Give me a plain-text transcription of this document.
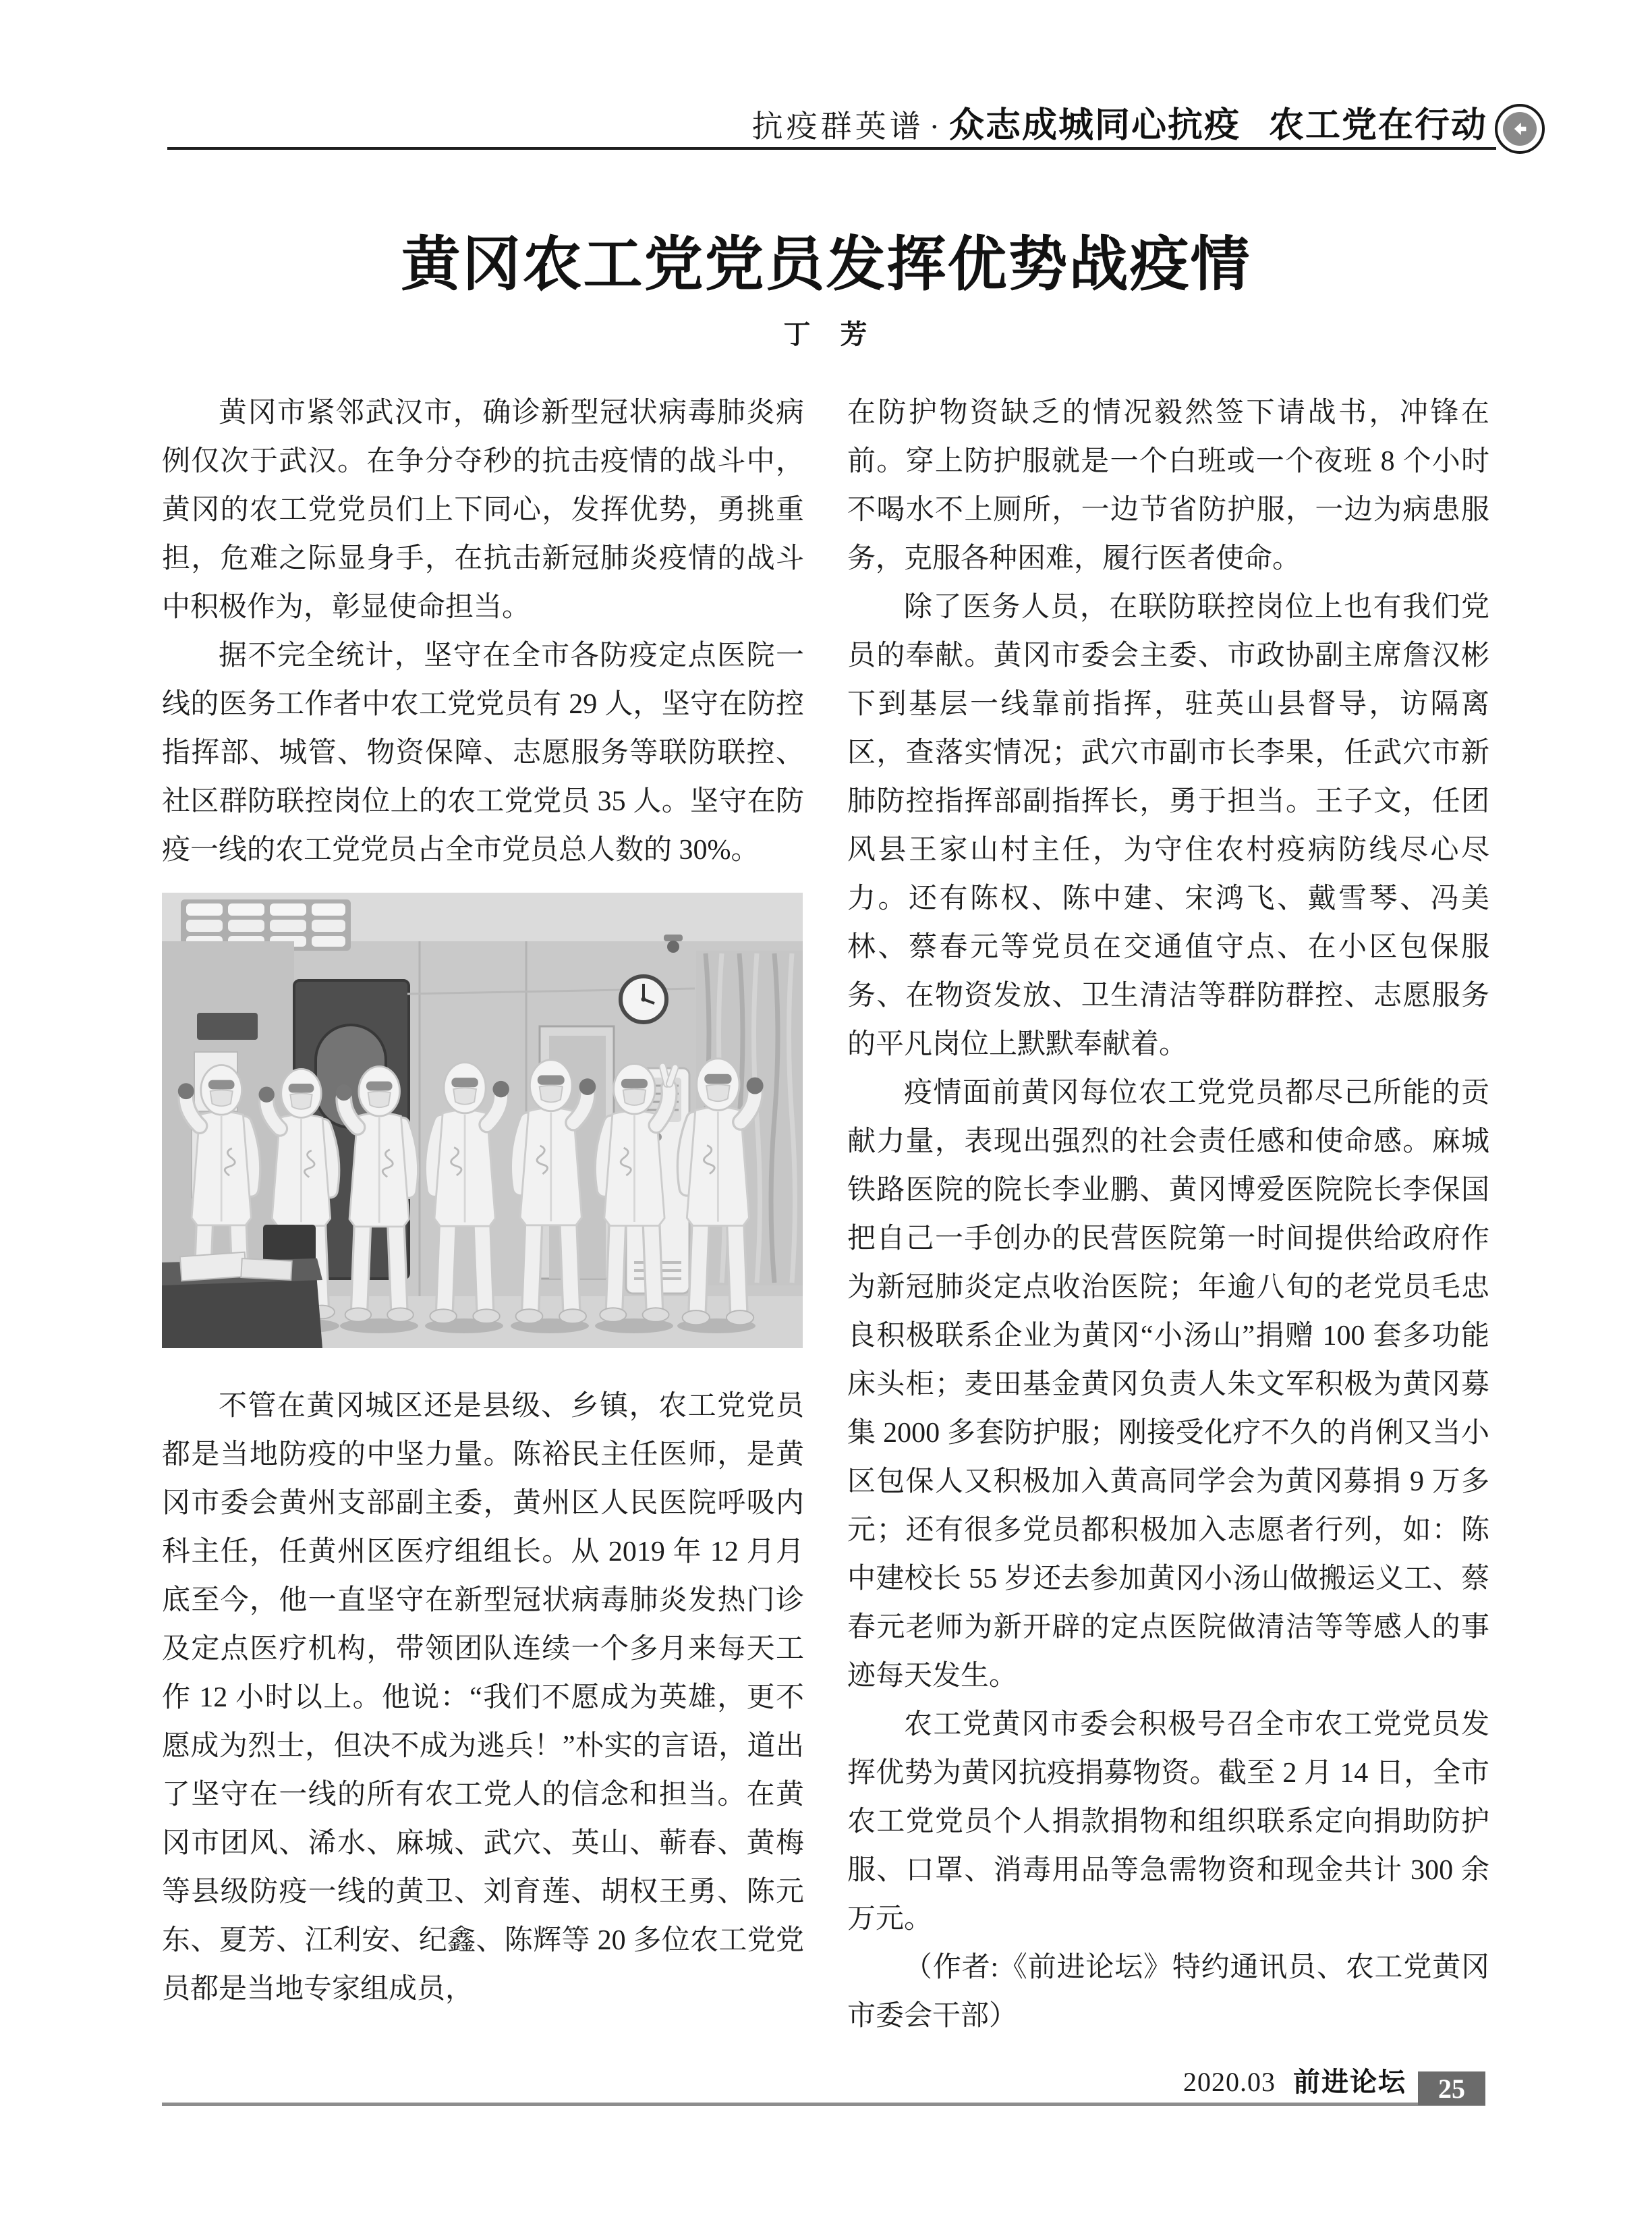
抗疫群英谱 · 众志成城同心抗疫 农工党在行动
黄冈农工党党员发挥优势战疫情
丁　芳

黄冈市紧邻武汉市，确诊新型冠状病毒肺炎病例仅次于武汉。在争分夺秒的抗击疫情的战斗中，黄冈的农工党党员们上下同心，发挥优势，勇挑重担，危难之际显身手，在抗击新冠肺炎疫情的战斗中积极作为，彰显使命担当。

据不完全统计，坚守在全市各防疫定点医院一线的医务工作者中农工党党员有 29 人，坚守在防控指挥部、城管、物资保障、志愿服务等联防联控、社区群防联控岗位上的农工党党员 35 人。坚守在防疫一线的农工党党员占全市党员总人数的 30%。

不管在黄冈城区还是县级、乡镇，农工党党员都是当地防疫的中坚力量。陈裕民主任医师，是黄冈市委会黄州支部副主委，黄州区人民医院呼吸内科主任，任黄州区医疗组组长。从 2019 年 12 月月底至今，他一直坚守在新型冠状病毒肺炎发热门诊及定点医疗机构，带领团队连续一个多月来每天工作 12 小时以上。他说：“我们不愿成为英雄，更不愿成为烈士，但决不成为逃兵！”朴实的言语，道出了坚守在一线的所有农工党人的信念和担当。在黄冈市团风、浠水、麻城、武穴、英山、蕲春、黄梅等县级防疫一线的黄卫、刘育莲、胡权王勇、陈元东、夏芳、江利安、纪鑫、陈辉等 20 多位农工党党员都是当地专家组成员，

在防护物资缺乏的情况毅然签下请战书，冲锋在前。穿上防护服就是一个白班或一个夜班 8 个小时不喝水不上厕所，一边节省防护服，一边为病患服务，克服各种困难，履行医者使命。

除了医务人员，在联防联控岗位上也有我们党员的奉献。黄冈市委会主委、市政协副主席詹汉彬下到基层一线靠前指挥，驻英山县督导，访隔离区，查落实情况；武穴市副市长李果，任武穴市新肺防控指挥部副指挥长，勇于担当。王子文，任团风县王家山村主任，为守住农村疫病防线尽心尽力。还有陈权、陈中建、宋鸿飞、戴雪琴、冯美林、蔡春元等党员在交通值守点、在小区包保服务、在物资发放、卫生清洁等群防群控、志愿服务的平凡岗位上默默奉献着。

疫情面前黄冈每位农工党党员都尽己所能的贡献力量，表现出强烈的社会责任感和使命感。麻城铁路医院的院长李业鹏、黄冈博爱医院院长李保国把自己一手创办的民营医院第一时间提供给政府作为新冠肺炎定点收治医院；年逾八旬的老党员毛忠良积极联系企业为黄冈“小汤山”捐赠 100 套多功能床头柜；麦田基金黄冈负责人朱文军积极为黄冈募集 2000 多套防护服；刚接受化疗不久的肖俐又当小区包保人又积极加入黄高同学会为黄冈募捐 9 万多元；还有很多党员都积极加入志愿者行列，如：陈中建校长 55 岁还去参加黄冈小汤山做搬运义工、蔡春元老师为新开辟的定点医院做清洁等等感人的事迹每天发生。

农工党黄冈市委会积极号召全市农工党党员发挥优势为黄冈抗疫捐募物资。截至 2 月 14 日，全市农工党党员个人捐款捐物和组织联系定向捐助防护服、口罩、消毒用品等急需物资和现金共计 300 余万元。

（作者:《前进论坛》特约通讯员、农工党黄冈市委会干部）

2020.03 前进论坛 25
